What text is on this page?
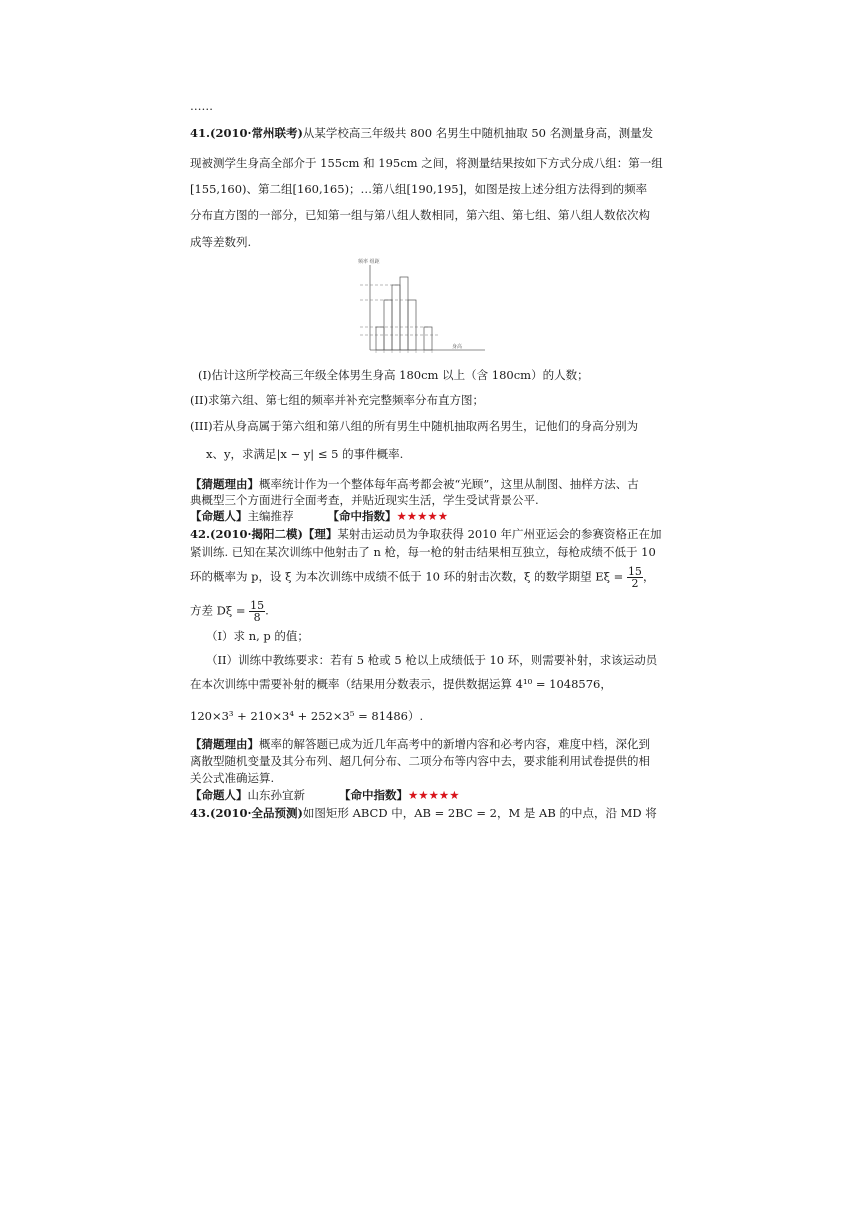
……
41.(2010·常州联考)从某学校高三年级共 800 名男生中随机抽取 50 名测量身高，测量发
现被测学生身高全部介于 155cm 和 195cm 之间，将测量结果按如下方式分成八组：第一组
[155,160)、第二组[160,165)；…第八组[190,195]，如图是按上述分组方法得到的频率
分布直方图的一部分，已知第一组与第八组人数相同，第六组、第七组、第八组人数依次构
成等差数列.
频率 组距
身高
(I)估计这所学校高三年级全体男生身高 180cm 以上（含 180cm）的人数；
(II)求第六组、第七组的频率并补充完整频率分布直方图；
(III)若从身高属于第六组和第八组的所有男生中随机抽取两名男生，记他们的身高分别为
x、y，求满足|x − y| ≤ 5 的事件概率.
【猜题理由】概率统计作为一个整体每年高考都会被“光顾”，这里从制图、抽样方法、古
典概型三个方面进行全面考查，并贴近现实生活，学生受试背景公平.
【命题人】主编推荐	【命中指数】★★★★★
42.(2010·揭阳二模)【理】某射击运动员为争取获得 2010 年广州亚运会的参赛资格正在加
紧训练. 已知在某次训练中他射击了 n 枪，每一枪的射击结果相互独立，每枪成绩不低于 10
环的概率为 p，设 ξ 为本次训练中成绩不低于 10 环的射击次数，ξ 的数学期望 $E\xi = \frac{15}{2}$ ，
方差 $D\xi = \frac{15}{8}$ .
（I）求 n, p 的值；
（II）训练中教练要求：若有 5 枪或 5 枪以上成绩低于 10 环，则需要补射，求该运动员
在本次训练中需要补射的概率（结果用分数表示，提供数据运算 4¹⁰ = 1048576，
120×3³ + 210×3⁴ + 252×3⁵ = 81486）.
【猜题理由】概率的解答题已成为近几年高考中的新增内容和必考内容，难度中档，深化到
离散型随机变量及其分布列、超几何分布、二项分布等内容中去，要求能利用试卷提供的相
关公式准确运算.
【命题人】山东孙宜新	【命中指数】★★★★★
43.(2010·全品预测)如图矩形 ABCD 中，AB = 2BC = 2，M 是 AB 的中点，沿 MD 将
